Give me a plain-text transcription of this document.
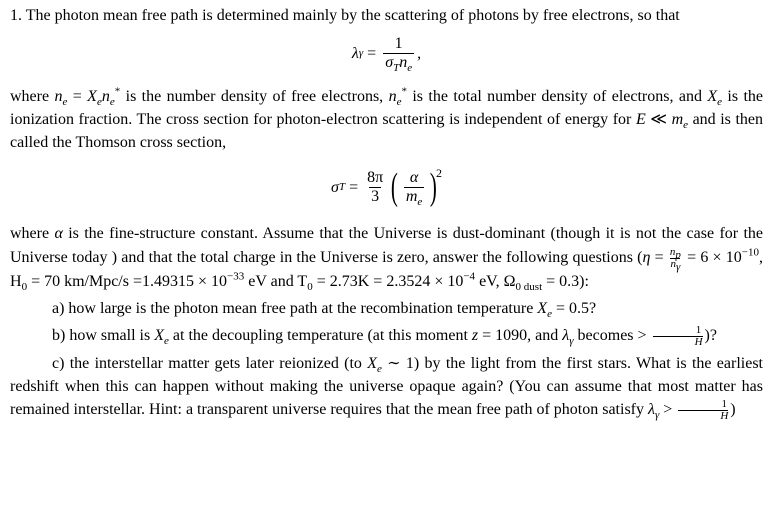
1. The photon mean free path is determined mainly by the scattering of photons by free electrons, so that

λ $\gamma = \frac{1}{\sigma_Tn_e}$ ,

where $n_e = X_en_e^*$ is the number density of free electrons, $n_e^*$ is the total number density of electrons, and $X_e$ is the ionization fraction. The cross section for photon-electron scattering is independent of energy for E ≪ $m_e$ and is then called the Thomson cross section,

σ $T = \frac{8\pi}{3}$ ( $\frac{\alpha}{m_e}$ )
2

where α is the fine-structure constant. Assume that the Universe is dust-dominant (though it is not the case for the Universe today ) and that the total charge in the Universe is zero, answer the following questions ($\eta = \frac{n_p}{n_\gamma} = 6 \times 10^{-10}$, $H_0 = 70$ $km/Mpc/s =1.49315 \times 10^{-33}$ eV and $T_0 = 2.73K = 2.3524 \times 10^{-4}$ eV, $\Omega_{0 dust} = 0.3$):

a) how large is the photon mean free path at the recombination temperature $X_e = 0.5$?

b) how small is $X_e$ at the decoupling temperature (at this moment z = 1090, and $\lambda_\gamma$ becomes > $\frac{1}{H}$ )?

c) the interstellar matter gets later reionized (to $X_e$ ∼ 1) by the light from the first stars. What is the earliest redshift when this can happen without making the universe opaque again? (You can assume that most matter has remained interstellar. Hint: a transparent universe requires that the mean free path of photon satisfy $\lambda_\gamma > \frac{1}{H}$ )
